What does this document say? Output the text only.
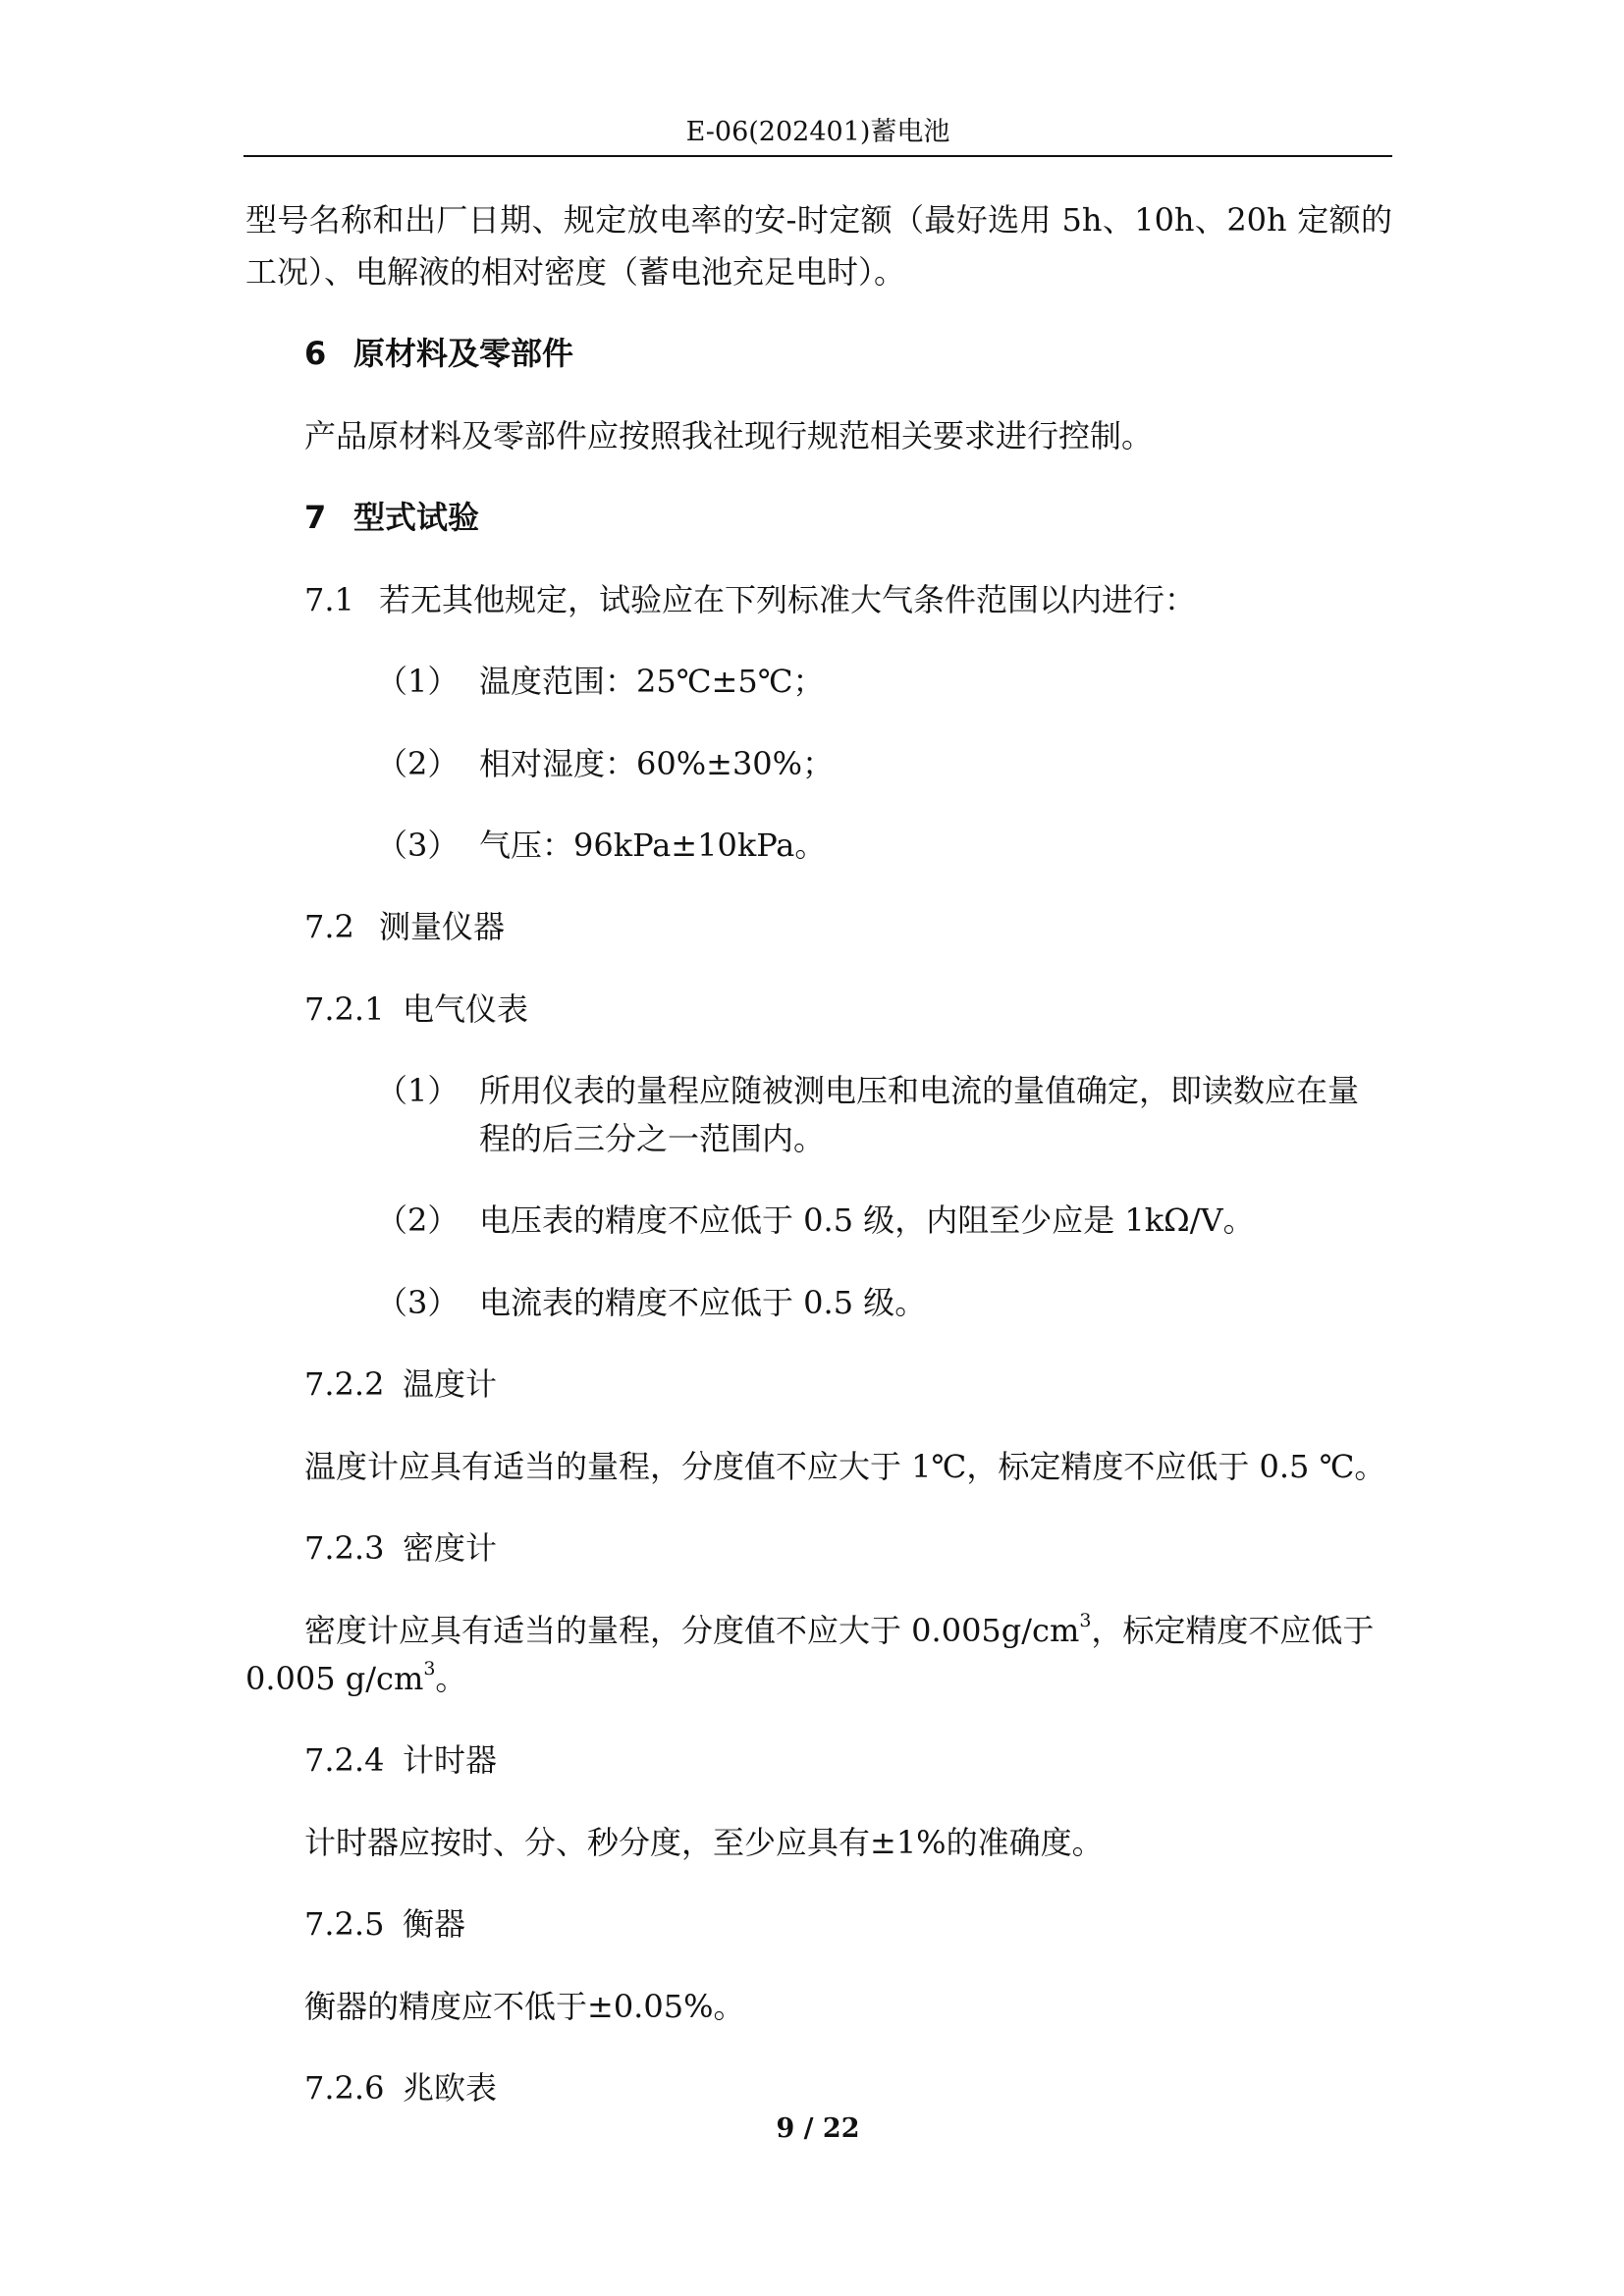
E-06(202401)蓄电池
型号名称和出厂日期、规定放电率的安-时定额（最好选用 5h、10h、20h 定额的
工况）、电解液的相对密度（蓄电池充足电时）。
6 原材料及零部件
产品原材料及零部件应按照我社现行规范相关要求进行控制。
7 型式试验
7.1 若无其他规定，试验应在下列标准大气条件范围以内进行：
（1） 温度范围：25℃±5℃；
（2） 相对湿度：60%±30%；
（3） 气压：96kPa±10kPa。
7.2 测量仪器
7.2.1 电气仪表
（1） 所用仪表的量程应随被测电压和电流的量值确定，即读数应在量
程的后三分之一范围内。
（2） 电压表的精度不应低于 0.5 级，内阻至少应是 1kΩ/V。
（3） 电流表的精度不应低于 0.5 级。
7.2.2 温度计
温度计应具有适当的量程，分度值不应大于 1℃，标定精度不应低于 0.5 ℃。
7.2.3 密度计
密度计应具有适当的量程，分度值不应大于 $0.005g/cm^3$，标定精度不应低于
0.005 $g/cm^3$。
7.2.4 计时器
计时器应按时、分、秒分度，至少应具有±1%的准确度。
7.2.5 衡器
衡器的精度应不低于±0.05%。
7.2.6 兆欧表
9 / 22
